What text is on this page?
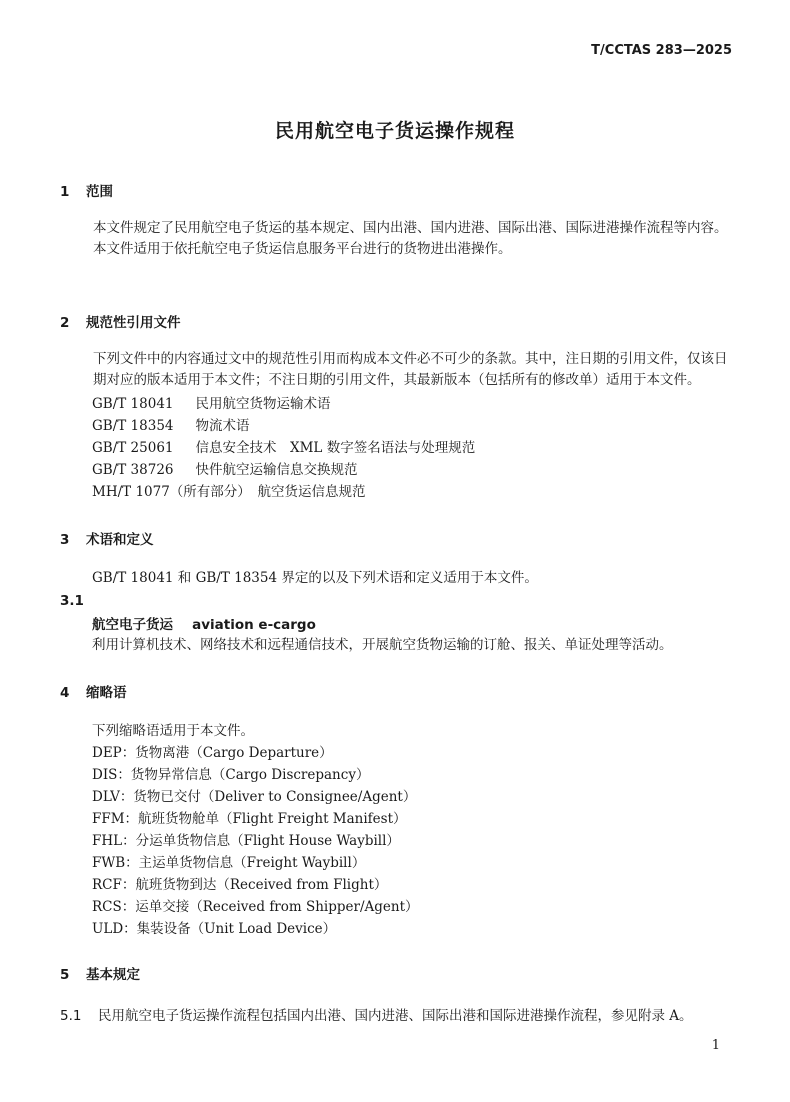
T/CCTAS 283—2025
民用航空电子货运操作规程
1 范围
本文件规定了民用航空电子货运的基本规定、国内出港、国内进港、国际出港、国际进港操作流程等内容。
本文件适用于依托航空电子货运信息服务平台进行的货物进出港操作。
2 规范性引用文件
下列文件中的内容通过文中的规范性引用而构成本文件必不可少的条款。其中，注日期的引用文件，仅该日期对应的版本适用于本文件；不注日期的引用文件，其最新版本（包括所有的修改单）适用于本文件。
GB/T 18041　 民用航空货物运输术语
GB/T 18354　 物流术语
GB/T 25061　 信息安全技术　XML 数字签名语法与处理规范
GB/T 38726　 快件航空运输信息交换规范
MH/T 1077（所有部分）　 航空货运信息规范
3 术语和定义
GB/T 18041 和 GB/T 18354 界定的以及下列术语和定义适用于本文件。
3.1
航空电子货运 aviation e-cargo
利用计算机技术、网络技术和远程通信技术，开展航空货物运输的订舱、报关、单证处理等活动。
4 缩略语
下列缩略语适用于本文件。
DEP：货物离港（Cargo Departure）
DIS：货物异常信息（Cargo Discrepancy）
DLV：货物已交付（Deliver to Consignee/Agent）
FFM：航班货物舱单（Flight Freight Manifest）
FHL：分运单货物信息（Flight House Waybill）
FWB：主运单货物信息（Freight Waybill）
RCF：航班货物到达（Received from Flight）
RCS：运单交接（Received from Shipper/Agent）
ULD：集装设备（Unit Load Device）
5 基本规定
5.1 民用航空电子货运操作流程包括国内出港、国内进港、国际出港和国际进港操作流程，参见附录 A。
1
